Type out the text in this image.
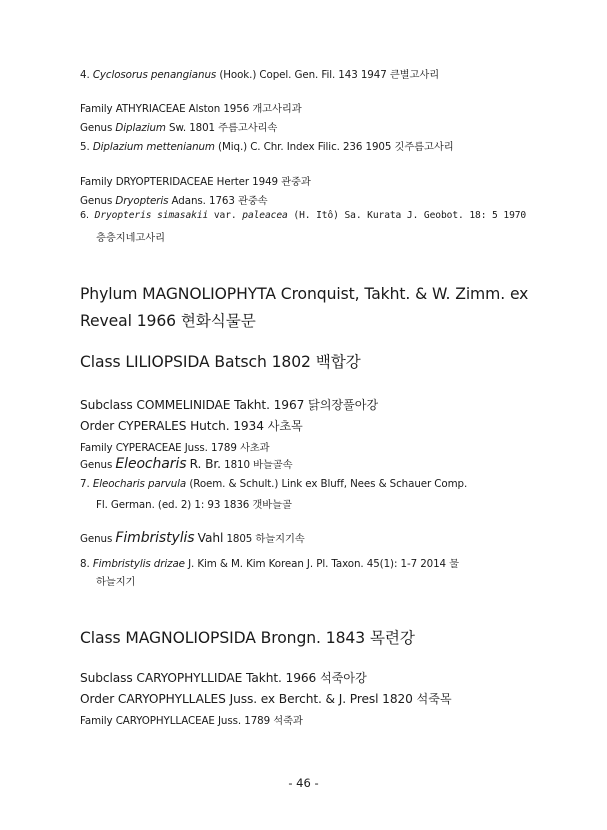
4. Cyclosorus penangianus (Hook.) Copel. Gen. Fil. 143 1947 큰별고사리
Family ATHYRIACEAE Alston 1956 개고사리과
Genus Diplazium Sw. 1801 주름고사리속
5. Diplazium mettenianum (Miq.) C. Chr. Index Filic. 236 1905 깃주름고사리
Family DRYOPTERIDACEAE Herter 1949 관중과
Genus Dryopteris Adans. 1763 관중속
6. Dryopteris simasakii var. paleacea (H. Itô) Sa. Kurata J. Geobot. 18: 5 1970
층층지네고사리
Phylum MAGNOLIOPHYTA Cronquist, Takht. & W. Zimm. ex
Reveal 1966 현화식물문
Class LILIOPSIDA Batsch 1802 백합강
Subclass COMMELINIDAE Takht. 1967 닭의장풀아강
Order CYPERALES Hutch. 1934 사초목
Family CYPERACEAE Juss. 1789 사초과
Genus Eleocharis R. Br. 1810 바늘골속
7. Eleocharis parvula (Roem. & Schult.) Link ex Bluff, Nees & Schauer Comp.
Fl. German. (ed. 2) 1: 93 1836 갯바늘골
Genus Fimbristylis Vahl 1805 하늘지기속
8. Fimbristylis drizae J. Kim & M. Kim Korean J. Pl. Taxon. 45(1): 1-7 2014 물
하늘지기
Class MAGNOLIOPSIDA Brongn. 1843 목련강
Subclass CARYOPHYLLIDAE Takht. 1966 석죽아강
Order CARYOPHYLLALES Juss. ex Bercht. & J. Presl 1820 석죽목
Family CARYOPHYLLACEAE Juss. 1789 석죽과
- 46 -
